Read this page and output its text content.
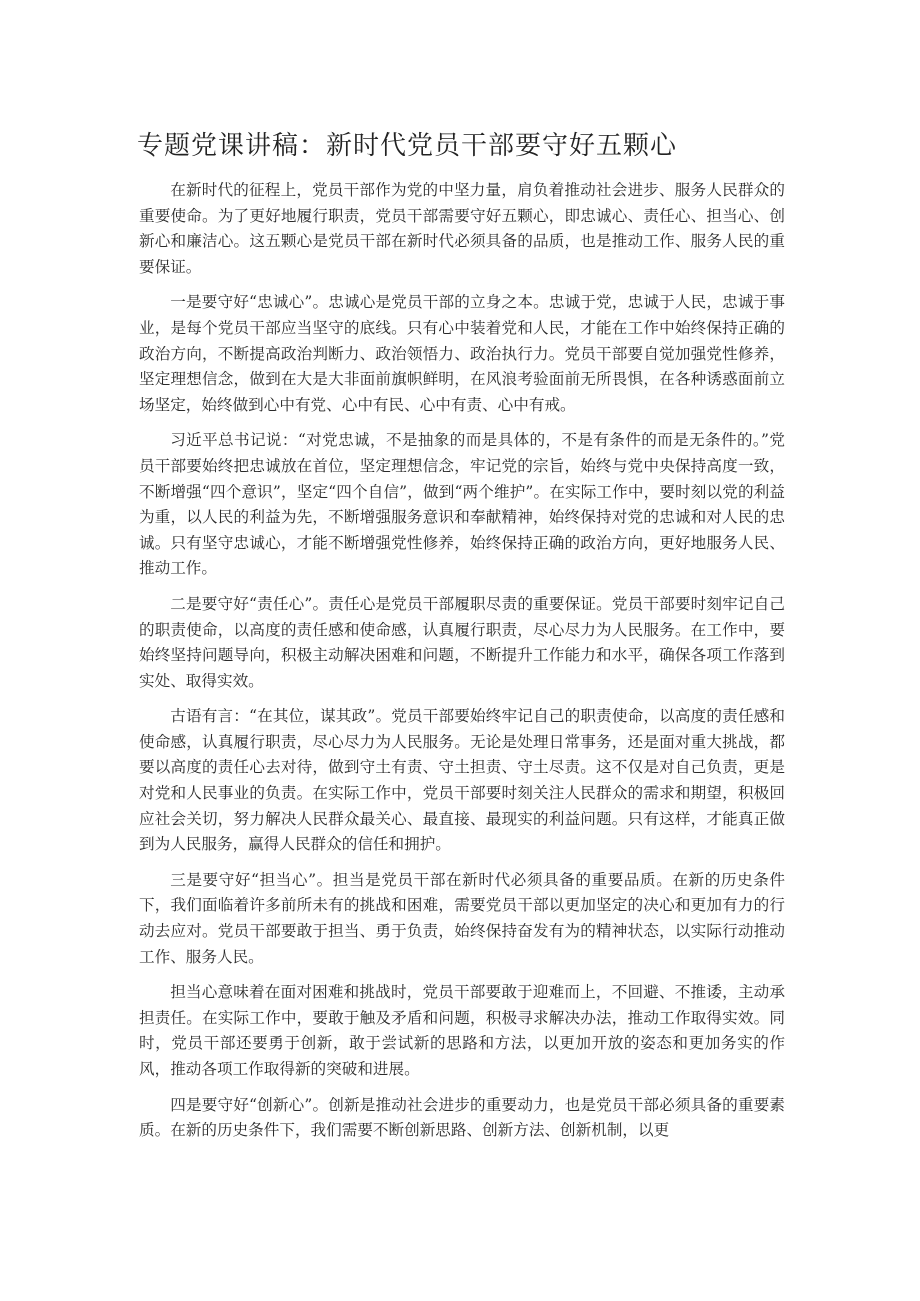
专题党课讲稿：新时代党员干部要守好五颗心

在新时代的征程上，党员干部作为党的中坚力量，肩负着推动社会进步、服务人民群众的重要使命。为了更好地履行职责，党员干部需要守好五颗心，即忠诚心、责任心、担当心、创新心和廉洁心。这五颗心是党员干部在新时代必须具备的品质，也是推动工作、服务人民的重要保证。

一是要守好“忠诚心”。忠诚心是党员干部的立身之本。忠诚于党，忠诚于人民，忠诚于事业，是每个党员干部应当坚守的底线。只有心中装着党和人民，才能在工作中始终保持正确的政治方向，不断提高政治判断力、政治领悟力、政治执行力。党员干部要自觉加强党性修养，坚定理想信念，做到在大是大非面前旗帜鲜明，在风浪考验面前无所畏惧，在各种诱惑面前立场坚定，始终做到心中有党、心中有民、心中有责、心中有戒。

习近平总书记说：“对党忠诚，不是抽象的而是具体的，不是有条件的而是无条件的。”党员干部要始终把忠诚放在首位，坚定理想信念，牢记党的宗旨，始终与党中央保持高度一致，不断增强“四个意识”，坚定“四个自信”，做到“两个维护”。在实际工作中，要时刻以党的利益为重，以人民的利益为先，不断增强服务意识和奉献精神，始终保持对党的忠诚和对人民的忠诚。只有坚守忠诚心，才能不断增强党性修养，始终保持正确的政治方向，更好地服务人民、推动工作。

二是要守好“责任心”。责任心是党员干部履职尽责的重要保证。党员干部要时刻牢记自己的职责使命，以高度的责任感和使命感，认真履行职责，尽心尽力为人民服务。在工作中，要始终坚持问题导向，积极主动解决困难和问题，不断提升工作能力和水平，确保各项工作落到实处、取得实效。

古语有言：“在其位，谋其政”。党员干部要始终牢记自己的职责使命，以高度的责任感和使命感，认真履行职责，尽心尽力为人民服务。无论是处理日常事务，还是面对重大挑战，都要以高度的责任心去对待，做到守土有责、守土担责、守土尽责。这不仅是对自己负责，更是对党和人民事业的负责。在实际工作中，党员干部要时刻关注人民群众的需求和期望，积极回应社会关切，努力解决人民群众最关心、最直接、最现实的利益问题。只有这样，才能真正做到为人民服务，赢得人民群众的信任和拥护。

三是要守好“担当心”。担当是党员干部在新时代必须具备的重要品质。在新的历史条件下，我们面临着许多前所未有的挑战和困难，需要党员干部以更加坚定的决心和更加有力的行动去应对。党员干部要敢于担当、勇于负责，始终保持奋发有为的精神状态，以实际行动推动工作、服务人民。

担当心意味着在面对困难和挑战时，党员干部要敢于迎难而上，不回避、不推诿，主动承担责任。在实际工作中，要敢于触及矛盾和问题，积极寻求解决办法，推动工作取得实效。同时，党员干部还要勇于创新，敢于尝试新的思路和方法，以更加开放的姿态和更加务实的作风，推动各项工作取得新的突破和进展。

四是要守好“创新心”。创新是推动社会进步的重要动力，也是党员干部必须具备的重要素质。在新的历史条件下，我们需要不断创新思路、创新方法、创新机制，以更
